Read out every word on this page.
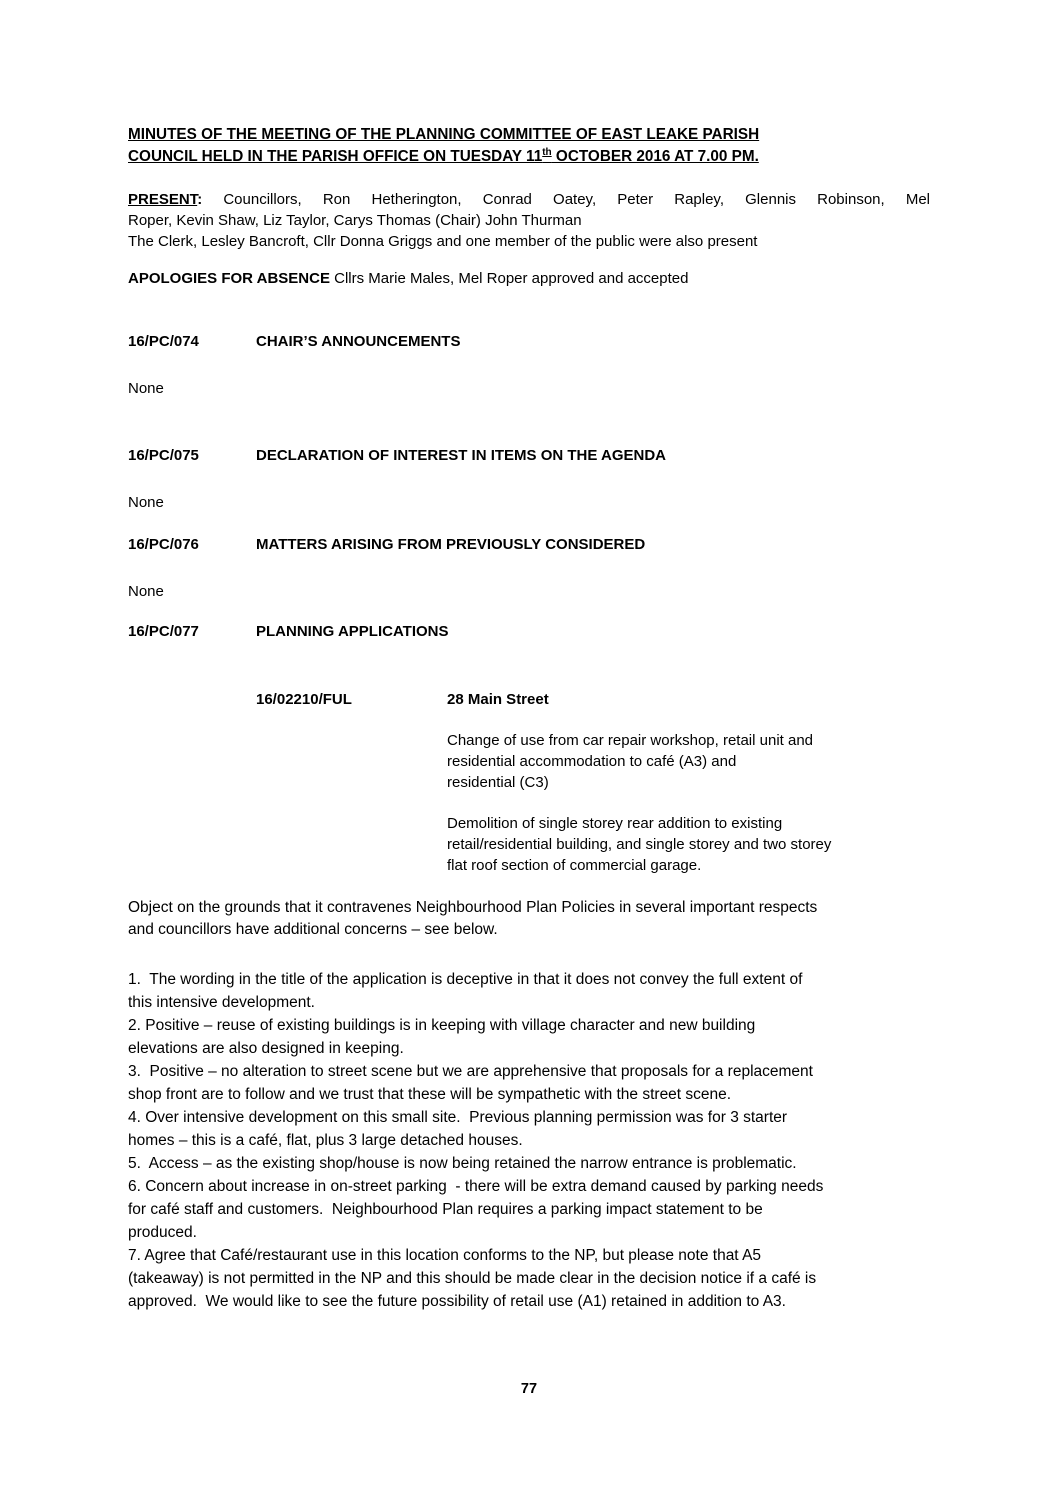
MINUTES OF THE MEETING OF THE PLANNING COMMITTEE OF EAST LEAKE PARISH
COUNCIL HELD IN THE PARISH OFFICE ON TUESDAY 11th OCTOBER 2016 AT 7.00 PM.
PRESENT: Councillors, Ron Hetherington, Conrad Oatey, Peter Rapley, Glennis Robinson, Mel
Roper, Kevin Shaw, Liz Taylor, Carys Thomas (Chair) John Thurman
The Clerk, Lesley Bancroft, Cllr Donna Griggs and one member of the public were also present
APOLOGIES FOR ABSENCE Cllrs Marie Males, Mel Roper approved and accepted
16/PC/074	CHAIR’S ANNOUNCEMENTS
None
16/PC/075	DECLARATION OF INTEREST IN ITEMS ON THE AGENDA
None
16/PC/076	MATTERS ARISING FROM PREVIOUSLY CONSIDERED
None
16/PC/077	PLANNING APPLICATIONS
16/02210/FUL	28 Main Street
Change of use from car repair workshop, retail unit and
residential accommodation to café (A3) and
residential (C3)
Demolition of single storey rear addition to existing
retail/residential building, and single storey and two storey
flat roof section of commercial garage.
Object on the grounds that it contravenes Neighbourhood Plan Policies in several important respects
and councillors have additional concerns – see below.
1.  The wording in the title of the application is deceptive in that it does not convey the full extent of
this intensive development.
2. Positive – reuse of existing buildings is in keeping with village character and new building
elevations are also designed in keeping.
3.  Positive – no alteration to street scene but we are apprehensive that proposals for a replacement
shop front are to follow and we trust that these will be sympathetic with the street scene.
4. Over intensive development on this small site.  Previous planning permission was for 3 starter
homes – this is a café, flat, plus 3 large detached houses.
5.  Access – as the existing shop/house is now being retained the narrow entrance is problematic.
6. Concern about increase in on-street parking  - there will be extra demand caused by parking needs
for café staff and customers.  Neighbourhood Plan requires a parking impact statement to be
produced.
7. Agree that Café/restaurant use in this location conforms to the NP, but please note that A5
(takeaway) is not permitted in the NP and this should be made clear in the decision notice if a café is
approved.  We would like to see the future possibility of retail use (A1) retained in addition to A3.
77
